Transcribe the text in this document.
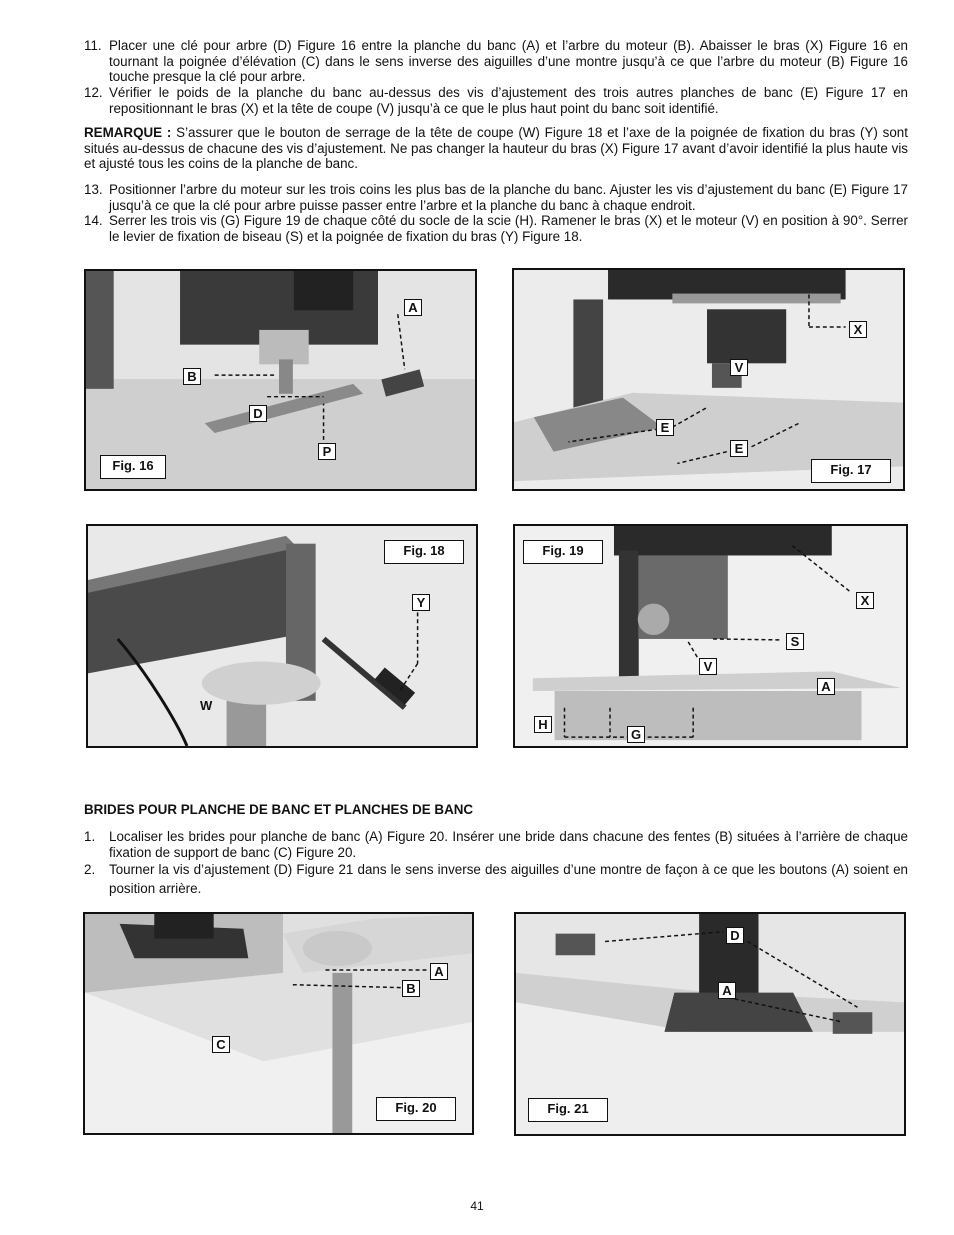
11. Placer une clé pour arbre (D) Figure 16 entre la planche du banc (A) et l’arbre du moteur (B). Abaisser le bras (X) Figure 16 en tournant la poignée d’élévation (C) dans le sens inverse des aiguilles d’une montre jusqu’à ce que l’arbre du moteur (B) Figure 16 touche presque la clé pour arbre.
12. Vérifier le poids de la planche du banc au-dessus des vis d’ajustement des trois autres planches de banc (E) Figure 17 en repositionnant le bras (X) et la tête de coupe (V) jusqu’à ce que le plus haut point du banc soit identifié.
REMARQUE : S’assurer que le bouton de serrage de la tête de coupe (W) Figure 18 et l’axe de la poignée de fixation du bras (Y) sont situés au-dessus de chacune des vis d’ajustement. Ne pas changer la hauteur du bras (X) Figure 17 avant d’avoir identifié la plus haute vis et ajusté tous les coins de la planche de banc.
13. Positionner l’arbre du moteur sur les trois coins les plus bas de la planche du banc. Ajuster les vis d’ajustement du banc (E) Figure 17 jusqu’à ce que la clé pour arbre puisse passer entre l’arbre et la planche du banc à chaque endroit.
14. Serrer les trois vis (G) Figure 19 de chaque côté du socle de la scie (H). Ramener le bras (X) et le moteur (V) en position à 90°. Serrer le levier de fixation de biseau (S) et la poignée de fixation du bras (Y) Figure 18.
A
B
D
P
Fig. 16
X
V
E
E
Fig. 17
Fig. 18
Y
W
Fig. 19
X
S
V
A
H
G
BRIDES POUR PLANCHE DE BANC ET PLANCHES DE BANC
1. Localiser les brides pour planche de banc (A) Figure 20. Insérer une bride dans chacune des fentes (B) situées à l’arrière de chaque fixation de support de banc (C) Figure 20.
2. Tourner la vis d’ajustement (D) Figure 21 dans le sens inverse des aiguilles d’une montre de façon à ce que les boutons (A) soient en position arrière.
A
B
C
Fig. 20
D
A
Fig. 21
41
